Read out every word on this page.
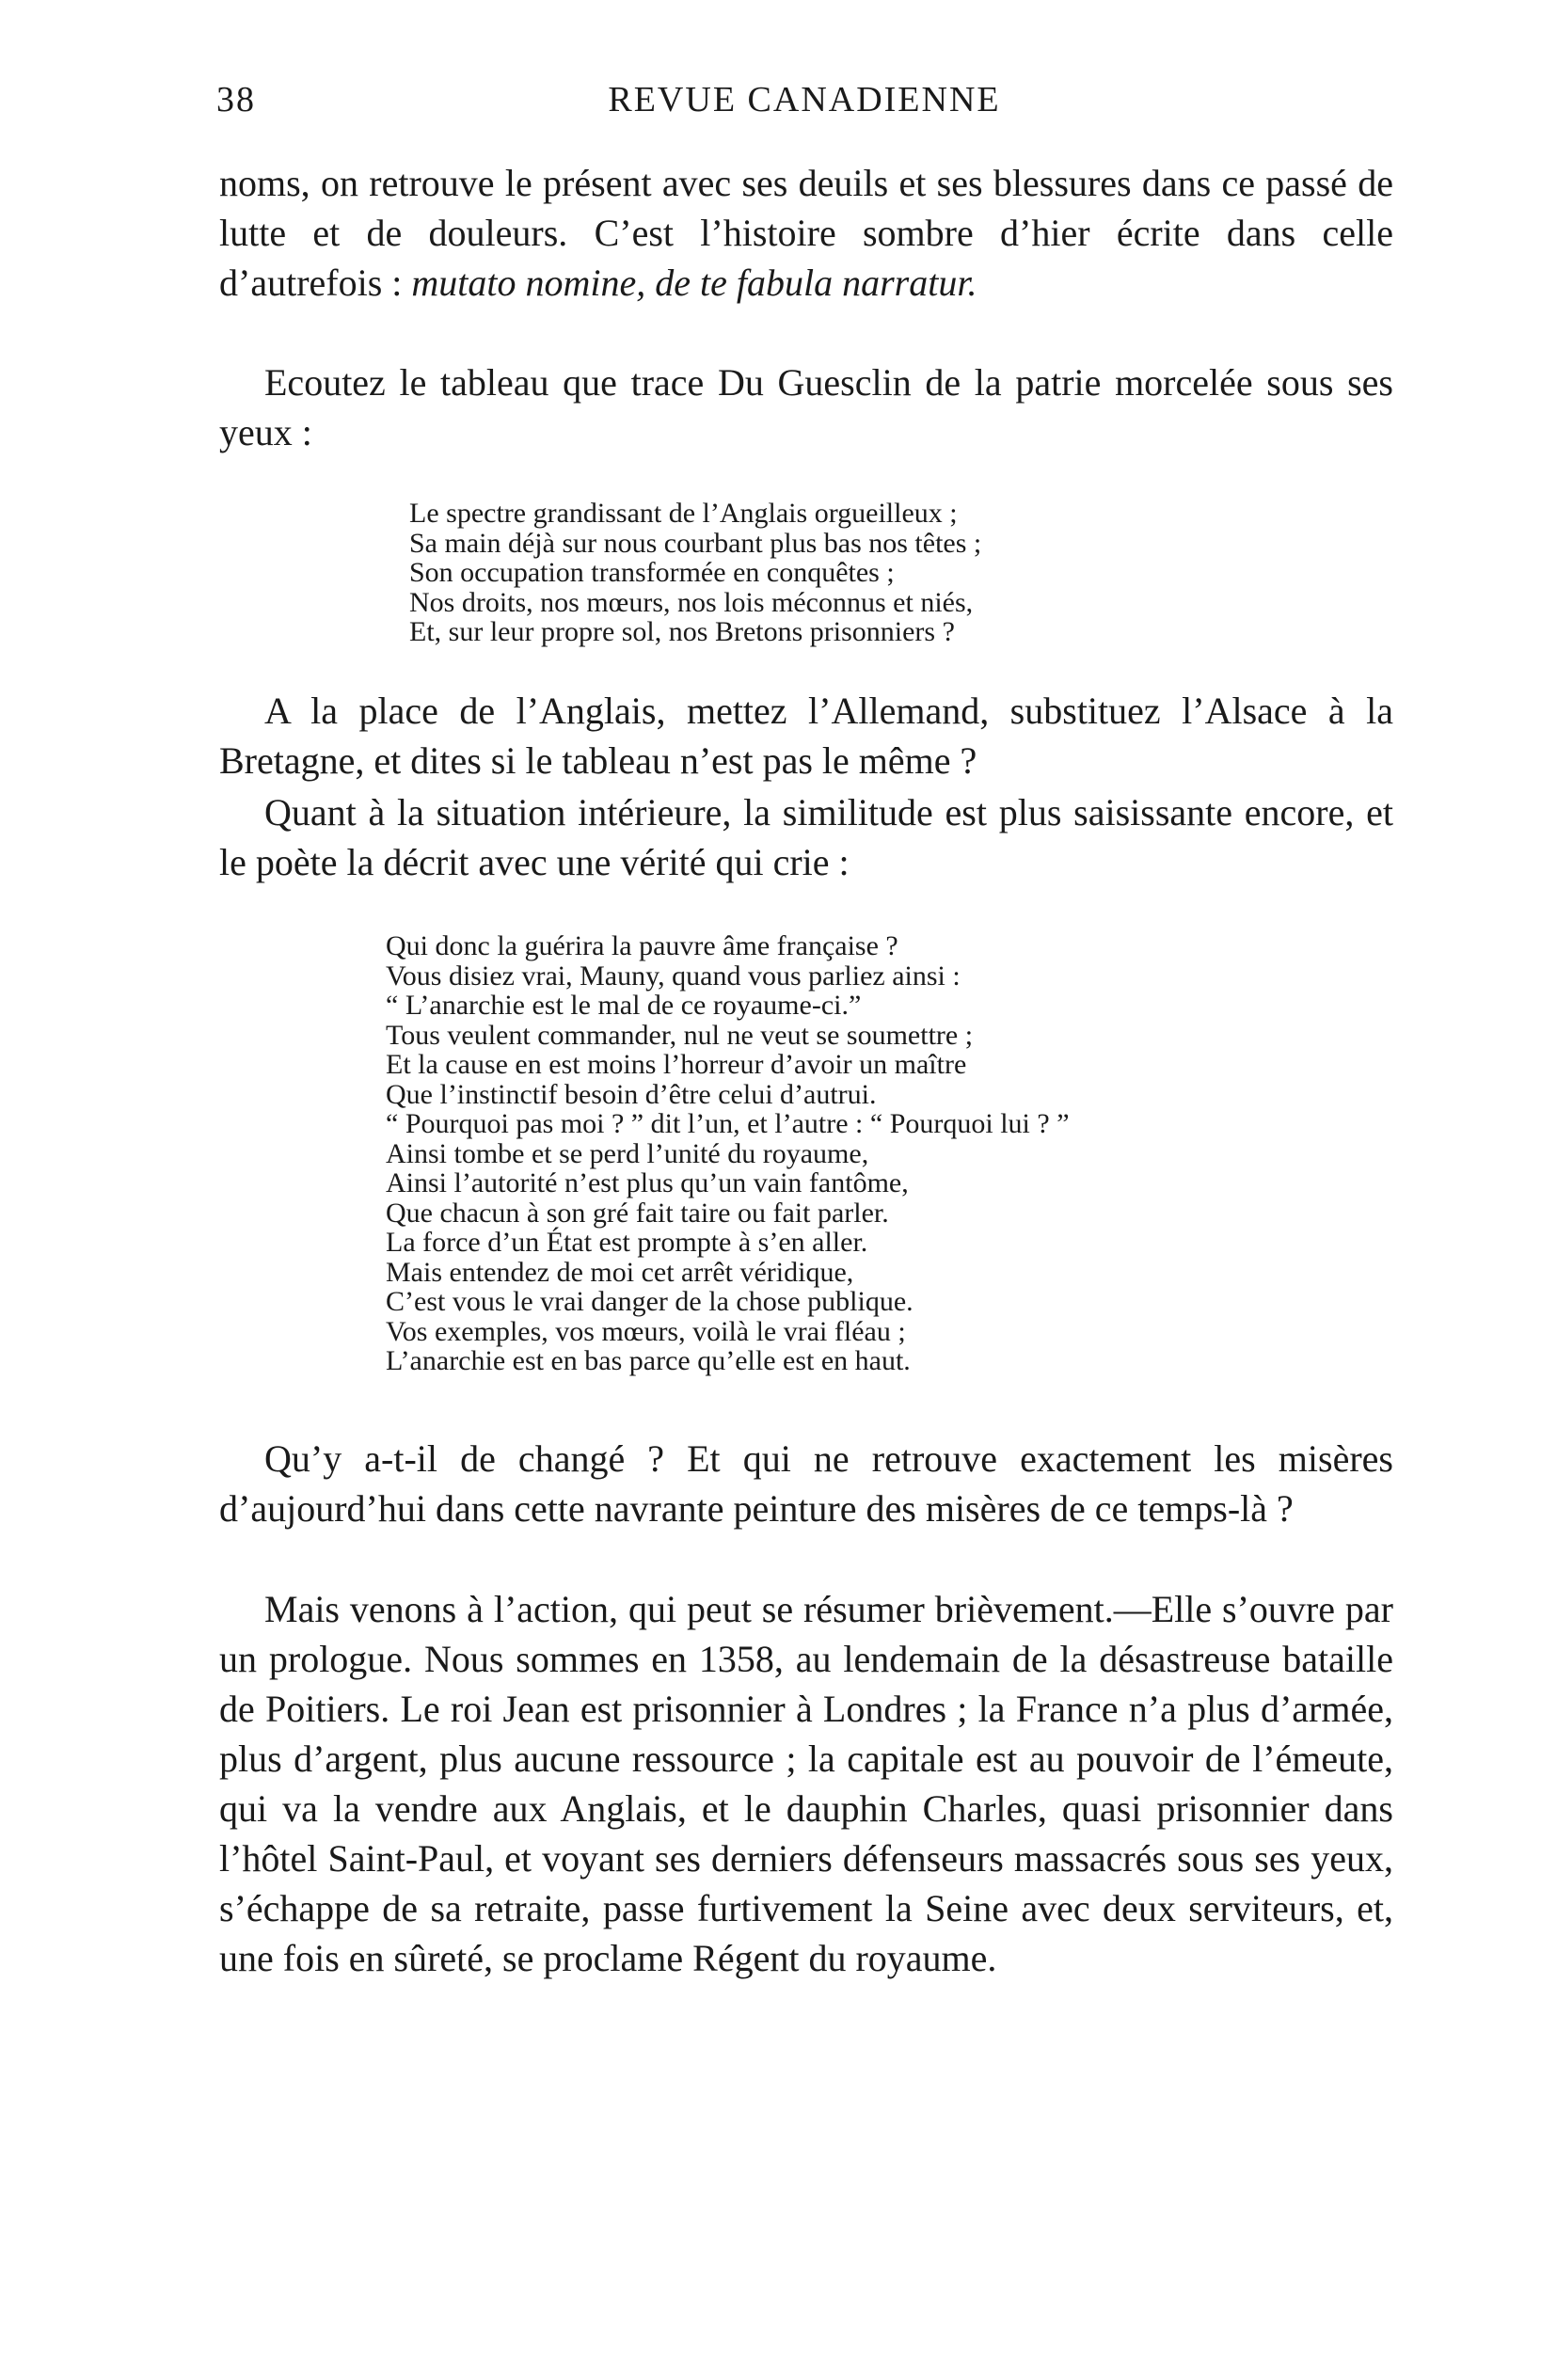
38	REVUE CANADIENNE

noms, on retrouve le présent avec ses deuils et ses blessures dans ce passé de lutte et de douleurs. C’est l’histoire sombre d’hier écrite dans celle d’autrefois : mutato nomine, de te fabula narratur.

Ecoutez le tableau que trace Du Guesclin de la patrie morcelée sous ses yeux :

Le spectre grandissant de l’Anglais orgueilleux ;
Sa main déjà sur nous courbant plus bas nos têtes ;
Son occupation transformée en conquêtes ;
Nos droits, nos mœurs, nos lois méconnus et niés,
Et, sur leur propre sol, nos Bretons prisonniers ?

A la place de l’Anglais, mettez l’Allemand, substituez l’Alsace à la Bretagne, et dites si le tableau n’est pas le même ?

Quant à la situation intérieure, la similitude est plus saisissante encore, et le poète la décrit avec une vérité qui crie :

Qui donc la guérira la pauvre âme française ?
Vous disiez vrai, Mauny, quand vous parliez ainsi :
“ L’anarchie est le mal de ce royaume-ci.”
Tous veulent commander, nul ne veut se soumettre ;
Et la cause en est moins l’horreur d’avoir un maître
Que l’instinctif besoin d’être celui d’autrui.
“ Pourquoi pas moi ? ” dit l’un, et l’autre : “ Pourquoi lui ? ”
Ainsi tombe et se perd l’unité du royaume,
Ainsi l’autorité n’est plus qu’un vain fantôme,
Que chacun à son gré fait taire ou fait parler.
La force d’un État est prompte à s’en aller.
Mais entendez de moi cet arrêt véridique,
C’est vous le vrai danger de la chose publique.
Vos exemples, vos mœurs, voilà le vrai fléau ;
L’anarchie est en bas parce qu’elle est en haut.

Qu’y a-t-il de changé ? Et qui ne retrouve exactement les misères d’aujourd’hui dans cette navrante peinture des misères de ce temps-là ?

Mais venons à l’action, qui peut se résumer brièvement.—Elle s’ouvre par un prologue. Nous sommes en 1358, au lendemain de la désastreuse bataille de Poitiers. Le roi Jean est prisonnier à Londres ; la France n’a plus d’armée, plus d’argent, plus aucune ressource ; la capitale est au pouvoir de l’émeute, qui va la vendre aux Anglais, et le dauphin Charles, quasi prisonnier dans l’hôtel Saint-Paul, et voyant ses derniers défenseurs massacrés sous ses yeux, s’échappe de sa retraite, passe furtivement la Seine avec deux serviteurs, et, une fois en sûreté, se proclame Régent du royaume.
